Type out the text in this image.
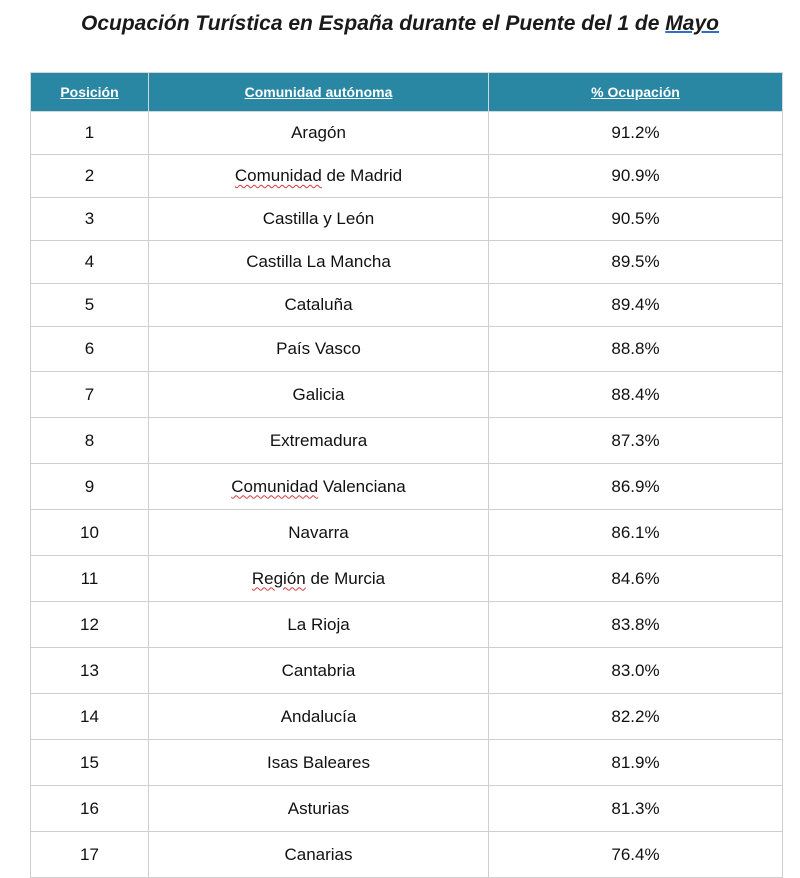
Ocupación Turística en España durante el Puente del 1 de Mayo
Posición	Comunidad autónoma	% Ocupación
1	Aragón	91.2%
2	Comunidad de Madrid	90.9%
3	Castilla y León	90.5%
4	Castilla La Mancha	89.5%
5	Cataluña	89.4%
6	País Vasco	88.8%
7	Galicia	88.4%
8	Extremadura	87.3%
9	Comunidad Valenciana	86.9%
10	Navarra	86.1%
11	Región de Murcia	84.6%
12	La Rioja	83.8%
13	Cantabria	83.0%
14	Andalucía	82.2%
15	Isas Baleares	81.9%
16	Asturias	81.3%
17	Canarias	76.4%
